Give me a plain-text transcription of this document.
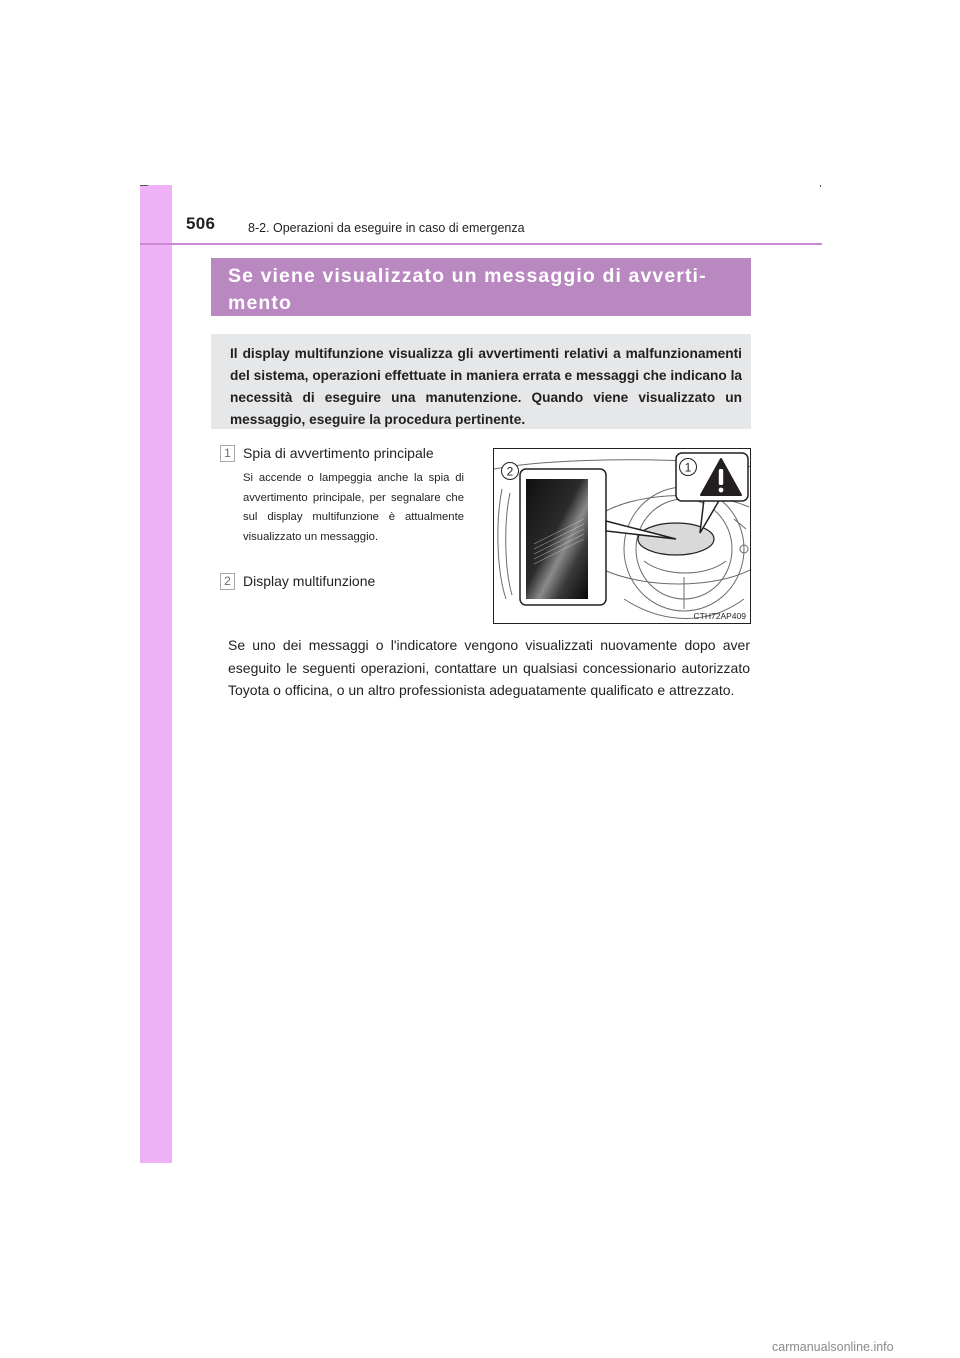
506	8-2. Operazioni da eseguire in caso di emergenza
Se viene visualizzato un messaggio di avverti-
mento
Il display multifunzione visualizza gli avvertimenti relativi a malfunzionamenti del sistema, operazioni effettuate in maniera errata e messaggi che indicano la necessità di eseguire una manutenzione. Quando viene visualizzato un messaggio, eseguire la procedura pertinente.
1 Spia di avvertimento principale
Si accende o lampeggia anche la spia di avvertimento principale, per segnalare che sul display multifunzione è attualmente visualizzato un messaggio.
2 Display multifunzione
1
2
CTH72AP409
Se uno dei messaggi o l'indicatore vengono visualizzati nuovamente dopo aver eseguito le seguenti operazioni, contattare un qualsiasi concessionario autorizzato Toyota o officina, o un altro professionista adeguatamente qualificato e attrezzato.
carmanualsonline.info
